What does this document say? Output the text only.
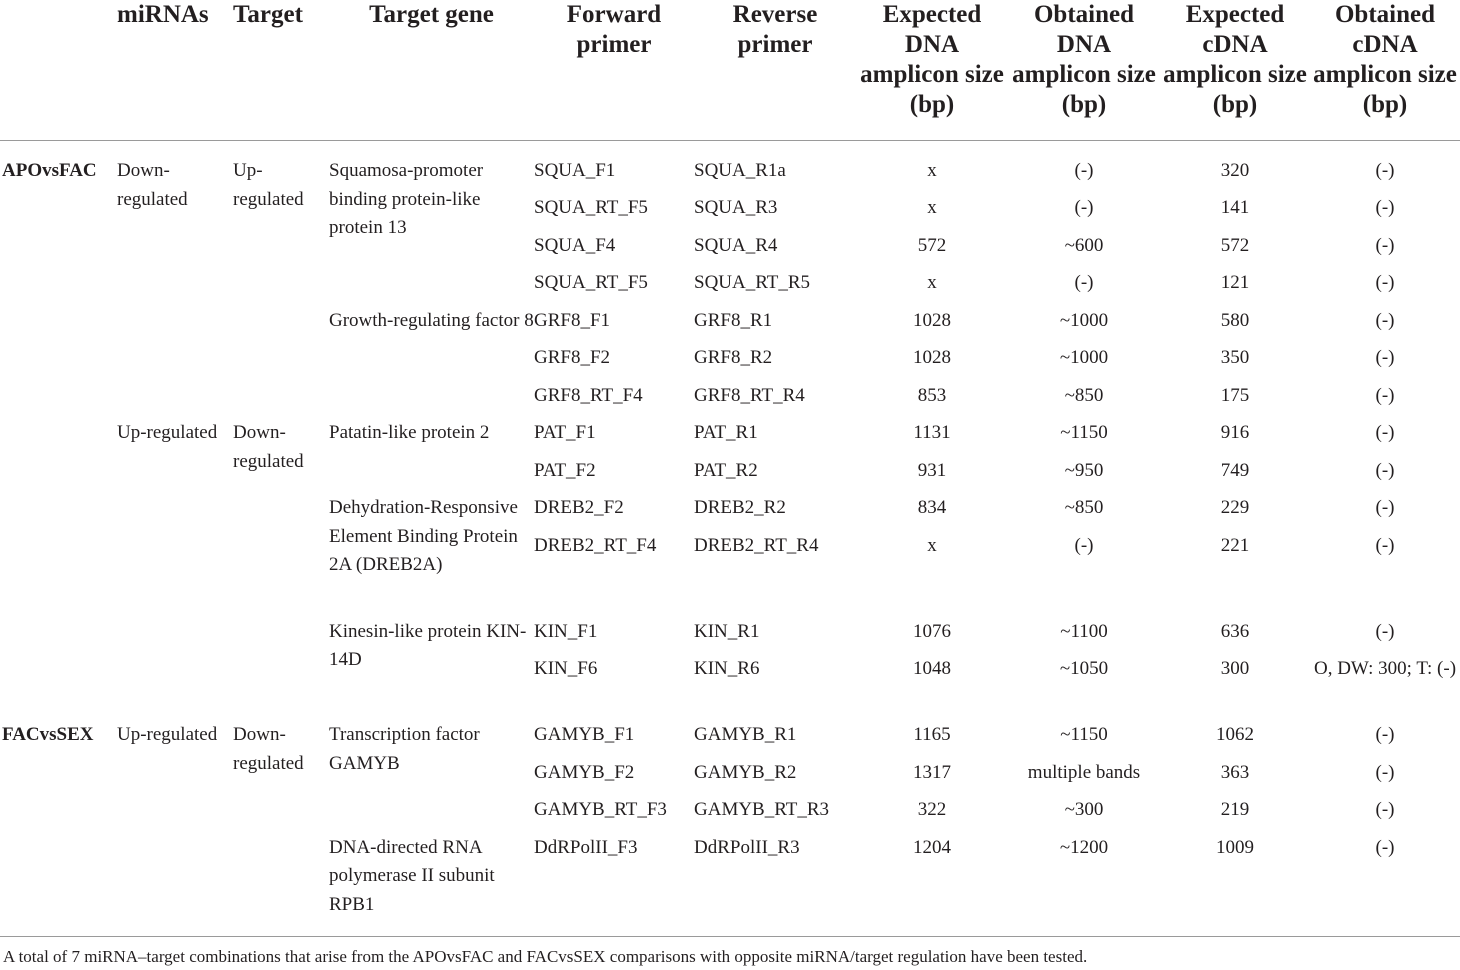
	miRNAs	Target	Target gene	Forward primer	Reverse primer	Expected DNA amplicon size (bp)	Obtained DNA amplicon size (bp)	Expected cDNA amplicon size (bp)	Obtained cDNA amplicon size (bp)
APOvsFAC	Down-regulated	Up-regulated	Squamosa-promoter binding protein-like protein 13	SQUA_F1	SQUA_R1a	x	(-)	320	(-)
				SQUA_RT_F5	SQUA_R3	x	(-)	141	(-)
				SQUA_F4	SQUA_R4	572	~600	572	(-)
				SQUA_RT_F5	SQUA_RT_R5	x	(-)	121	(-)
			Growth-regulating factor 8	GRF8_F1	GRF8_R1	1028	~1000	580	(-)
				GRF8_F2	GRF8_R2	1028	~1000	350	(-)
				GRF8_RT_F4	GRF8_RT_R4	853	~850	175	(-)
	Up-regulated	Down-regulated	Patatin-like protein 2	PAT_F1	PAT_R1	1131	~1150	916	(-)
				PAT_F2	PAT_R2	931	~950	749	(-)
			Dehydration-Responsive Element Binding Protein 2A (DREB2A)	DREB2_F2	DREB2_R2	834	~850	229	(-)
				DREB2_RT_F4	DREB2_RT_R4	x	(-)	221	(-)
			Kinesin-like protein KIN-14D	KIN_F1	KIN_R1	1076	~1100	636	(-)
				KIN_F6	KIN_R6	1048	~1050	300	O, DW: 300; T: (-)
FACvsSEX	Up-regulated	Down-regulated	Transcription factor GAMYB	GAMYB_F1	GAMYB_R1	1165	~1150	1062	(-)
				GAMYB_F2	GAMYB_R2	1317	multiple bands	363	(-)
				GAMYB_RT_F3	GAMYB_RT_R3	322	~300	219	(-)
			DNA-directed RNA polymerase II subunit RPB1	DdRPolII_F3	DdRPolII_R3	1204	~1200	1009	(-)
A total of 7 miRNA–target combinations that arise from the APOvsFAC and FACvsSEX comparisons with opposite miRNA/target regulation have been tested.
